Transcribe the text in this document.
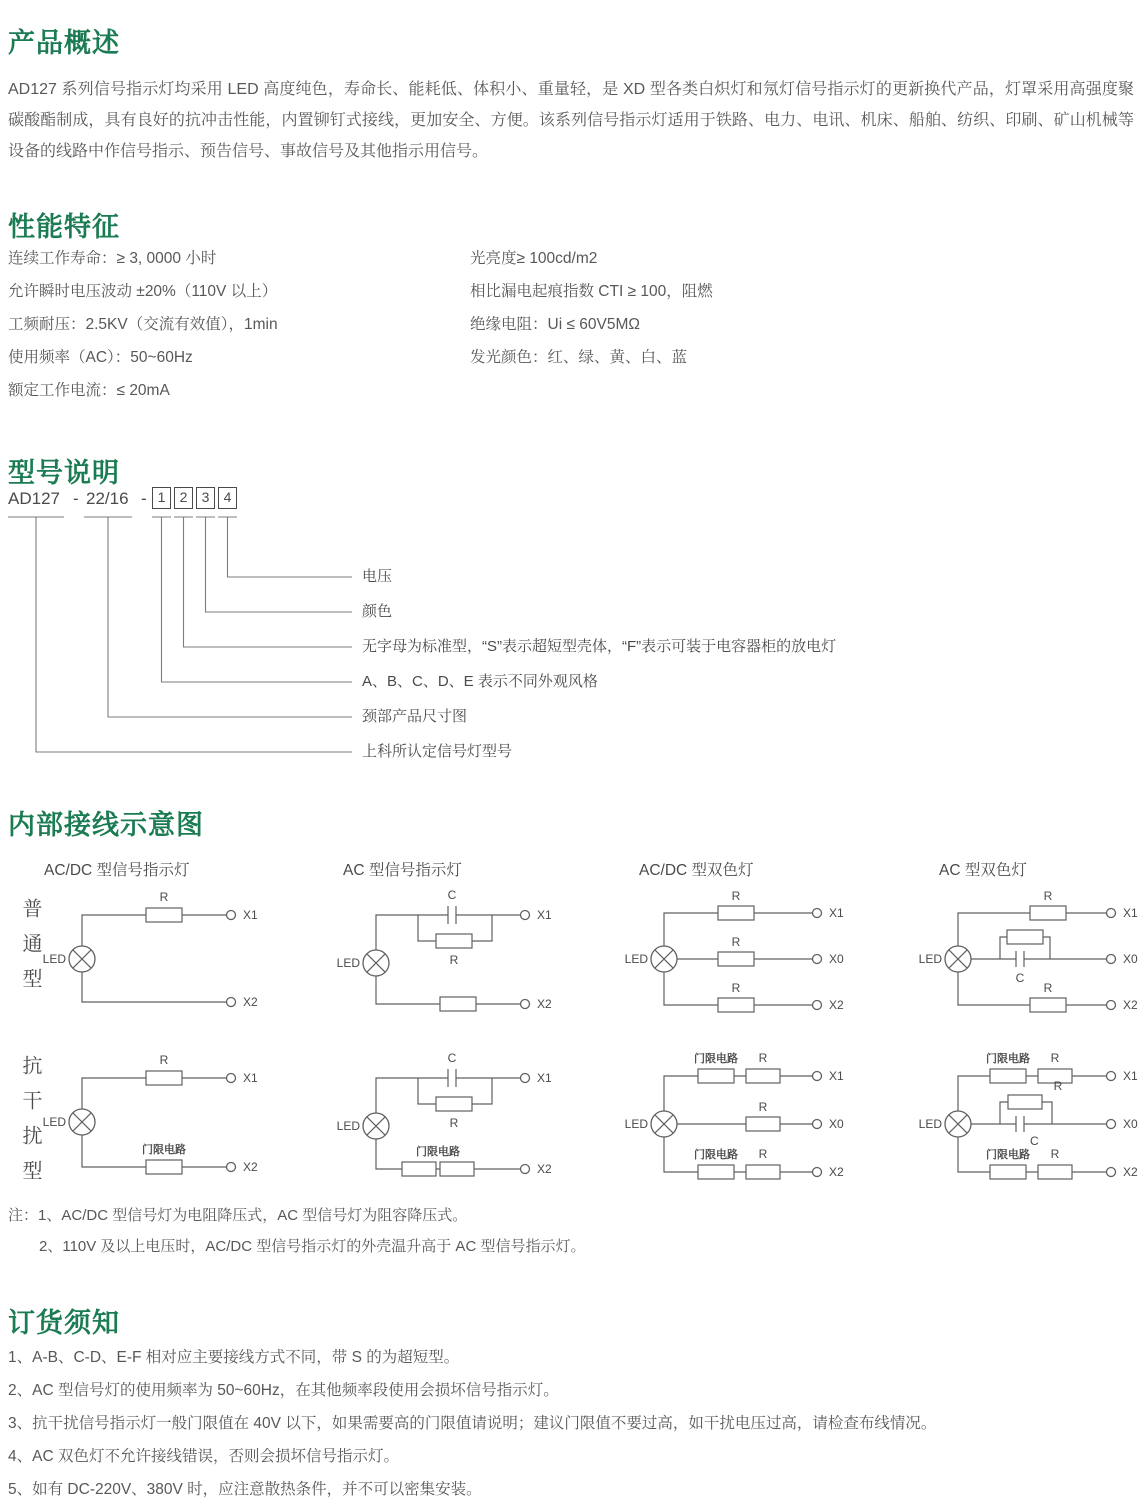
产品概述

AD127 系列信号指示灯均采用 LED 高度纯色，寿命长、能耗低、体积小、重量轻，是 XD 型各类白炽灯和氖灯信号指示灯的更新换代产品，灯罩采用高强度聚碳酸酯制成，具有良好的抗冲击性能，内置铆钉式接线，更加安全、方便。该系列信号指示灯适用于铁路、电力、电讯、机床、船舶、纺织、印刷、矿山机械等设备的线路中作信号指示、预告信号、事故信号及其他指示用信号。

性能特征
连续工作寿命：≥ 3, 0000 小时
允许瞬时电压波动 ±20%（110V 以上）
工频耐压：2.5KV（交流有效值），1min
使用频率（AC）：50~60Hz
额定工作电流：≤ 20mA
光亮度≥ 100cd/m2
相比漏电起痕指数 CTI ≥ 100，阻燃
绝缘电阻：Ui ≤ 60V5MΩ
发光颜色：红、绿、黄、白、蓝
型号说明
AD127 - 22/16 - 1	2	3	4
电压
颜色
无字母为标准型，“S”表示超短型壳体，“F”表示可装于电容器柜的放电灯
A、B、C、D、E 表示不同外观风格
颈部产品尺寸图
上科所认定信号灯型号
内部接线示意图
AC/DC 型信号指示灯	AC 型信号指示灯	AC/DC 型双色灯	AC 型双色灯
普通型
抗干扰型
LED
R
X1
X2
C
R
LED
X1
X2
LED
R
R
R
X1
X0
X2
LED
R
C
R
X1
X0
X2
LED
R
门限电路
X1
X2
C
R
LED
门限电路
X1
X2
LED
门限电路 R
R
门限电路 R
X1
X0
X2
LED
门限电路 R
R
C
门限电路 R
X1
X0
X2
注：1、AC/DC 型信号灯为电阻降压式，AC 型信号灯为阻容降压式。
2、110V 及以上电压时，AC/DC 型信号指示灯的外壳温升高于 AC 型信号指示灯。
订货须知
1、A-B、C-D、E-F 相对应主要接线方式不同，带 S 的为超短型。
2、AC 型信号灯的使用频率为 50~60Hz，在其他频率段使用会损坏信号指示灯。
3、抗干扰信号指示灯一般门限值在 40V 以下，如果需要高的门限值请说明；建议门限值不要过高，如干扰电压过高，请检查布线情况。
4、AC 双色灯不允许接线错误，否则会损坏信号指示灯。
5、如有 DC-220V、380V 时，应注意散热条件，并不可以密集安装。
